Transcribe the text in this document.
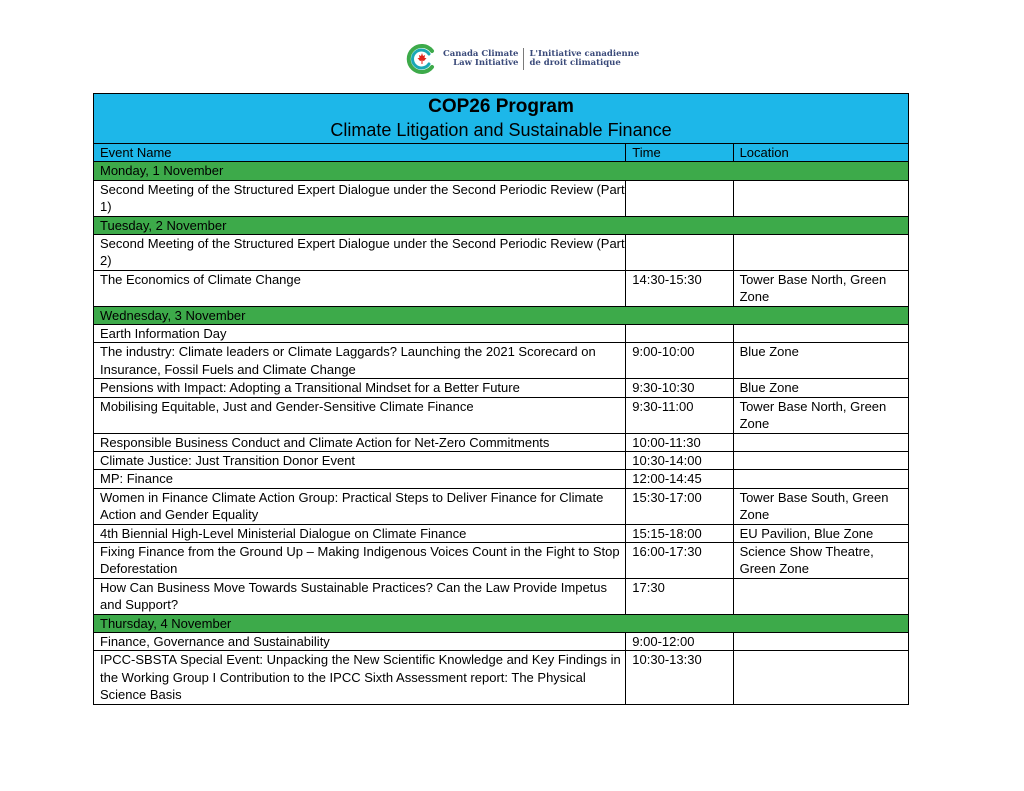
Canada Climate
Law Initiative
L'Initiative canadienne
de droit climatique
COP26 Program
Climate Litigation and Sustainable Finance		

Event Name	Time	Location
Monday, 1 November		
Second Meeting of the Structured Expert Dialogue under the Second Periodic Review (Part 1)		
Tuesday, 2 November		
Second Meeting of the Structured Expert Dialogue under the Second Periodic Review (Part 2)		
The Economics of Climate Change	14:30-15:30	Tower Base North, Green Zone
Wednesday, 3 November		
Earth Information Day		
The industry: Climate leaders or Climate Laggards? Launching the 2021 Scorecard on Insurance, Fossil Fuels and Climate Change	9:00-10:00	Blue Zone
Pensions with Impact: Adopting a Transitional Mindset for a Better Future	9:30-10:30	Blue Zone
Mobilising Equitable, Just and Gender-Sensitive Climate Finance	9:30-11:00	Tower Base North, Green Zone
Responsible Business Conduct and Climate Action for Net-Zero Commitments	10:00-11:30	
Climate Justice: Just Transition Donor Event	10:30-14:00	
MP: Finance	12:00-14:45	
Women in Finance Climate Action Group: Practical Steps to Deliver Finance for Climate Action and Gender Equality	15:30-17:00	Tower Base South, Green Zone
4th Biennial High-Level Ministerial Dialogue on Climate Finance	15:15-18:00	EU Pavilion, Blue Zone
Fixing Finance from the Ground Up – Making Indigenous Voices Count in the Fight to Stop Deforestation	16:00-17:30	Science Show Theatre, Green Zone
How Can Business Move Towards Sustainable Practices? Can the Law Provide Impetus and Support?	17:30	
Thursday, 4 November		
Finance, Governance and Sustainability	9:00-12:00	
IPCC-SBSTA Special Event: Unpacking the New Scientific Knowledge and Key Findings in the Working Group I Contribution to the IPCC Sixth Assessment report: The Physical Science Basis	10:30-13:30	
